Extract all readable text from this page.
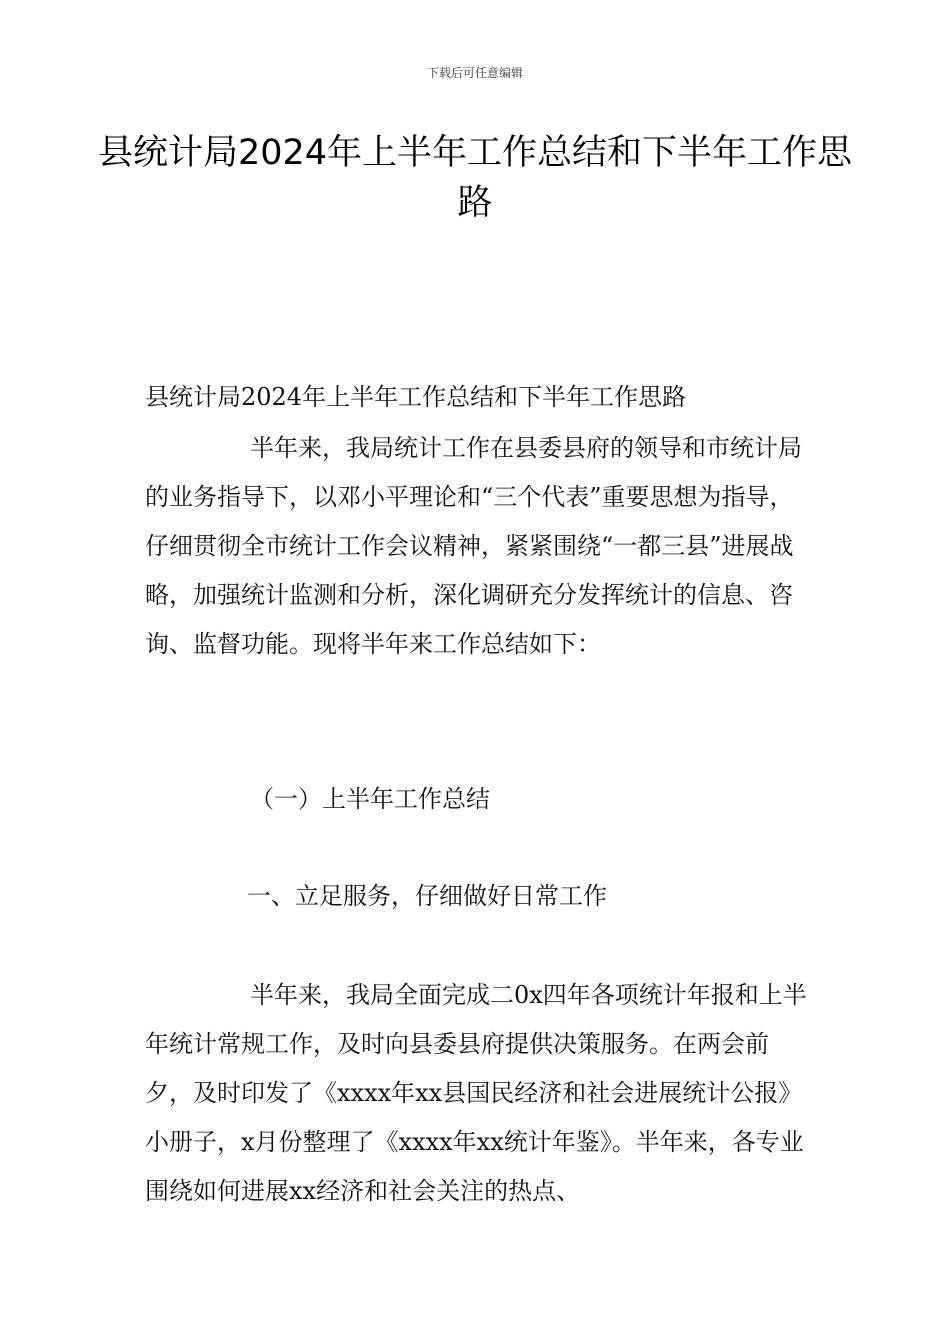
下载后可任意编辑
县统计局2024年上半年工作总结和下半年工作思路

县统计局2024年上半年工作总结和下半年工作思路

半年来，我局统计工作在县委县府的领导和市统计局的业务指导下，以邓小平理论和“三个代表”重要思想为指导，仔细贯彻全市统计工作会议精神，紧紧围绕“一都三县”进展战略，加强统计监测和分析，深化调研充分发挥统计的信息、咨询、监督功能。现将半年来工作总结如下：

（一）上半年工作总结

一、立足服务，仔细做好日常工作

半年来，我局全面完成二0x四年各项统计年报和上半年统计常规工作，及时向县委县府提供决策服务。在两会前夕，及时印发了《xxxx年xx县国民经济和社会进展统计公报》小册子，x月份整理了《xxxx年xx统计年鉴》。半年来，各专业围绕如何进展xx经济和社会关注的热点、
